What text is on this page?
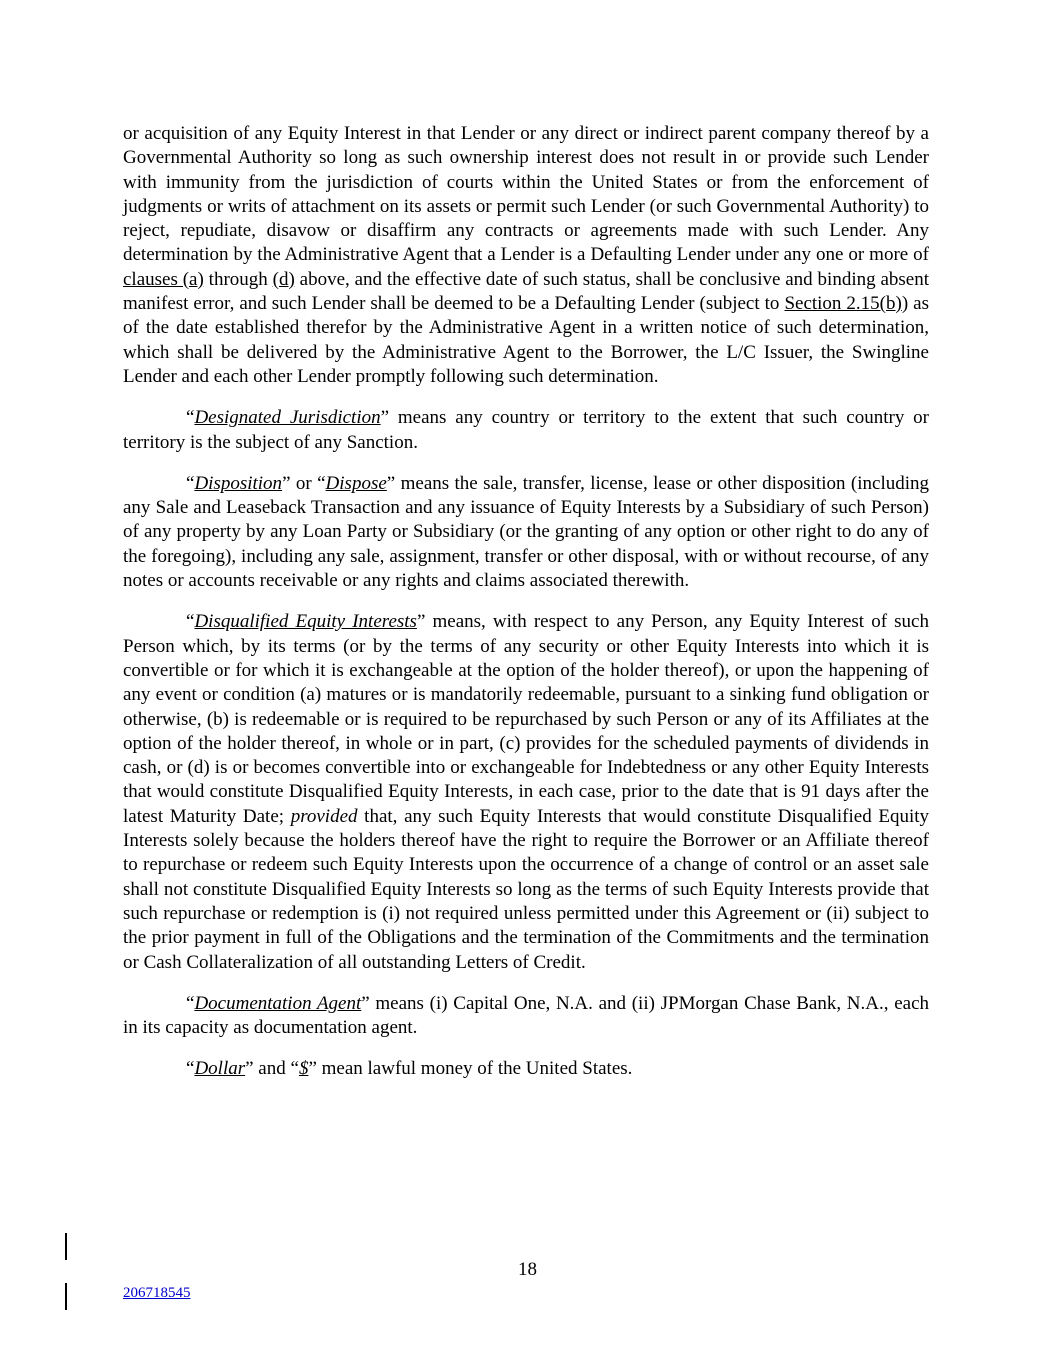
or acquisition of any Equity Interest in that Lender or any direct or indirect parent company thereof by a Governmental Authority so long as such ownership interest does not result in or provide such Lender with immunity from the jurisdiction of courts within the United States or from the enforcement of judgments or writs of attachment on its assets or permit such Lender (or such Governmental Authority) to reject, repudiate, disavow or disaffirm any contracts or agreements made with such Lender. Any determination by the Administrative Agent that a Lender is a Defaulting Lender under any one or more of clauses (a) through (d) above, and the effective date of such status, shall be conclusive and binding absent manifest error, and such Lender shall be deemed to be a Defaulting Lender (subject to Section 2.15(b)) as of the date established therefor by the Administrative Agent in a written notice of such determination, which shall be delivered by the Administrative Agent to the Borrower, the L/C Issuer, the Swingline Lender and each other Lender promptly following such determination.

“Designated Jurisdiction” means any country or territory to the extent that such country or territory is the subject of any Sanction.

“Disposition” or “Dispose” means the sale, transfer, license, lease or other disposition (including any Sale and Leaseback Transaction and any issuance of Equity Interests by a Subsidiary of such Person) of any property by any Loan Party or Subsidiary (or the granting of any option or other right to do any of the foregoing), including any sale, assignment, transfer or other disposal, with or without recourse, of any notes or accounts receivable or any rights and claims associated therewith.

“Disqualified Equity Interests” means, with respect to any Person, any Equity Interest of such Person which, by its terms (or by the terms of any security or other Equity Interests into which it is convertible or for which it is exchangeable at the option of the holder thereof), or upon the happening of any event or condition (a) matures or is mandatorily redeemable, pursuant to a sinking fund obligation or otherwise, (b) is redeemable or is required to be repurchased by such Person or any of its Affiliates at the option of the holder thereof, in whole or in part, (c) provides for the scheduled payments of dividends in cash, or (d) is or becomes convertible into or exchangeable for Indebtedness or any other Equity Interests that would constitute Disqualified Equity Interests, in each case, prior to the date that is 91 days after the latest Maturity Date; provided that, any such Equity Interests that would constitute Disqualified Equity Interests solely because the holders thereof have the right to require the Borrower or an Affiliate thereof to repurchase or redeem such Equity Interests upon the occurrence of a change of control or an asset sale shall not constitute Disqualified Equity Interests so long as the terms of such Equity Interests provide that such repurchase or redemption is (i) not required unless permitted under this Agreement or (ii) subject to the prior payment in full of the Obligations and the termination of the Commitments and the termination or Cash Collateralization of all outstanding Letters of Credit.

“Documentation Agent” means (i) Capital One, N.A. and (ii) JPMorgan Chase Bank, N.A., each in its capacity as documentation agent.

“Dollar” and “$” mean lawful money of the United States.

18
206718545
